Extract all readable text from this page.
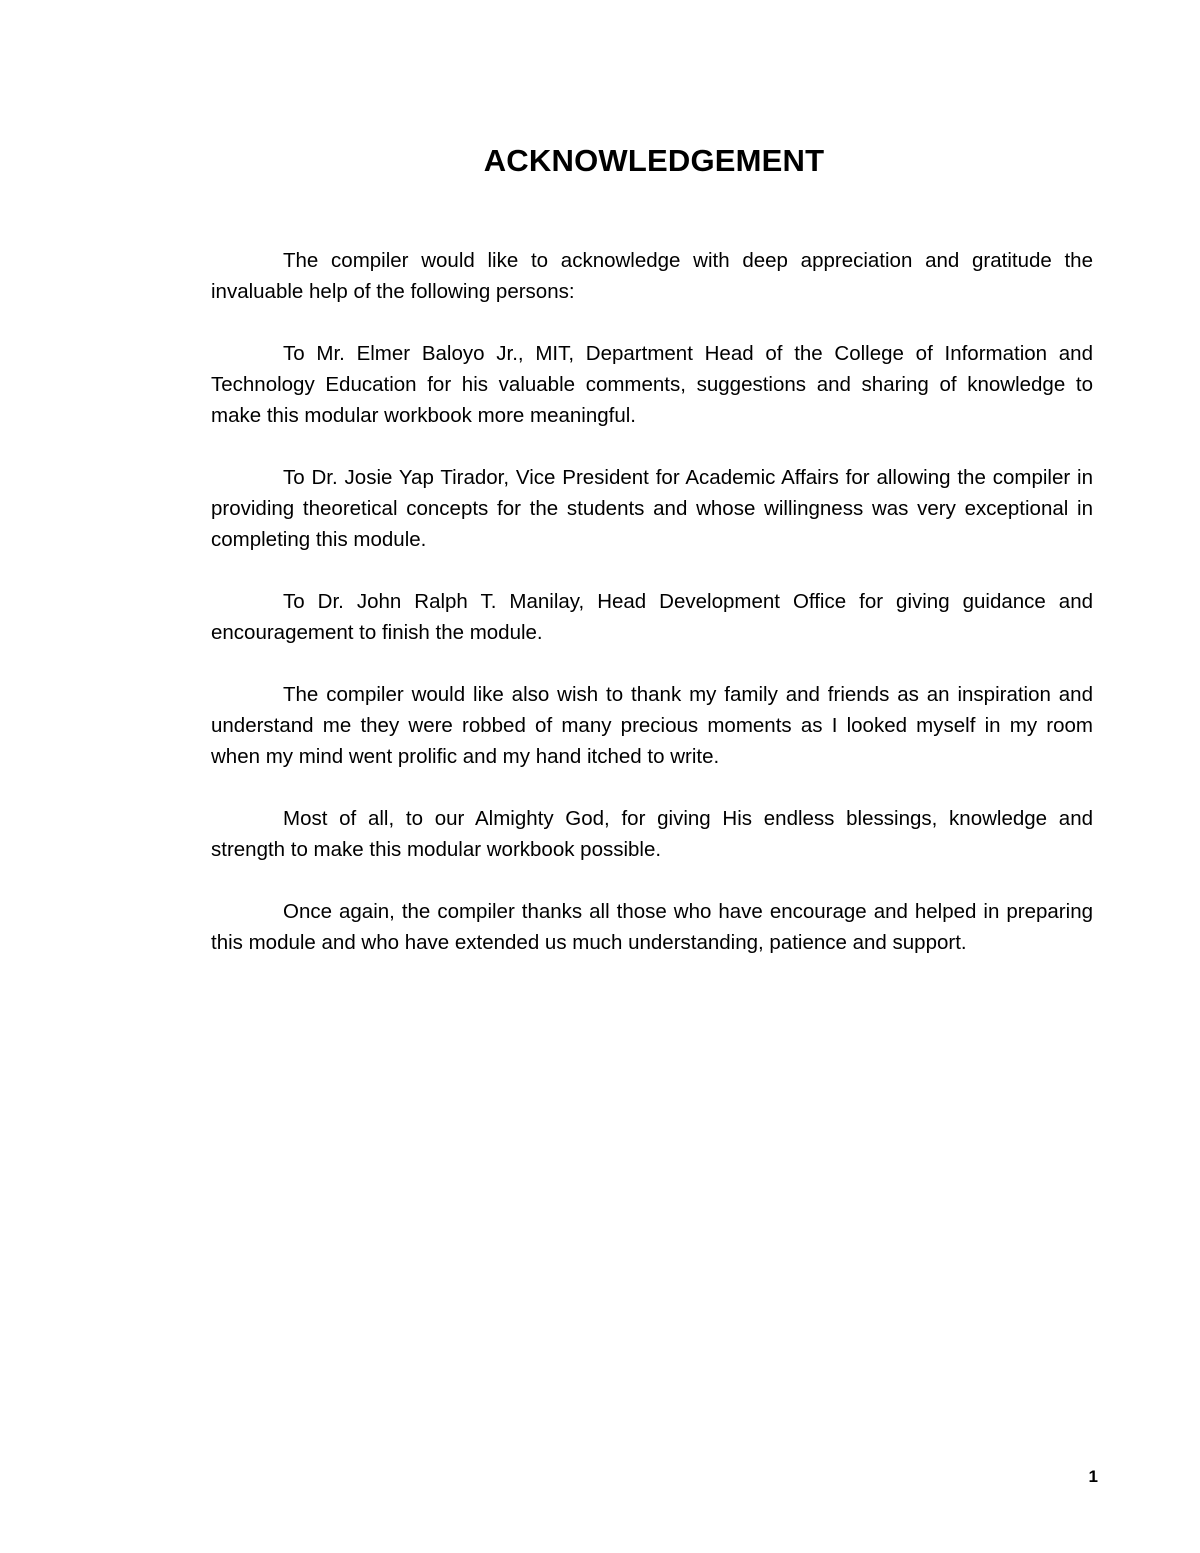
ACKNOWLEDGEMENT

The compiler would like to acknowledge with deep appreciation and gratitude the invaluable help of the following persons:

To Mr. Elmer Baloyo Jr., MIT, Department Head of the College of Information and Technology Education for his valuable comments, suggestions and sharing of knowledge to make this modular workbook more meaningful.

To Dr. Josie Yap Tirador, Vice President for Academic Affairs for allowing the compiler in providing theoretical concepts for the students and whose willingness was very exceptional in completing this module.

To Dr. John Ralph T. Manilay, Head Development Office for giving guidance and encouragement to finish the module.

The compiler would like also wish to thank my family and friends as an inspiration and understand me they were robbed of many precious moments as I looked myself in my room when my mind went prolific and my hand itched to write.

Most of all, to our Almighty God, for giving His endless blessings, knowledge and strength to make this modular workbook possible.

Once again, the compiler thanks all those who have encourage and helped in preparing this module and who have extended us much understanding, patience and support.

1
